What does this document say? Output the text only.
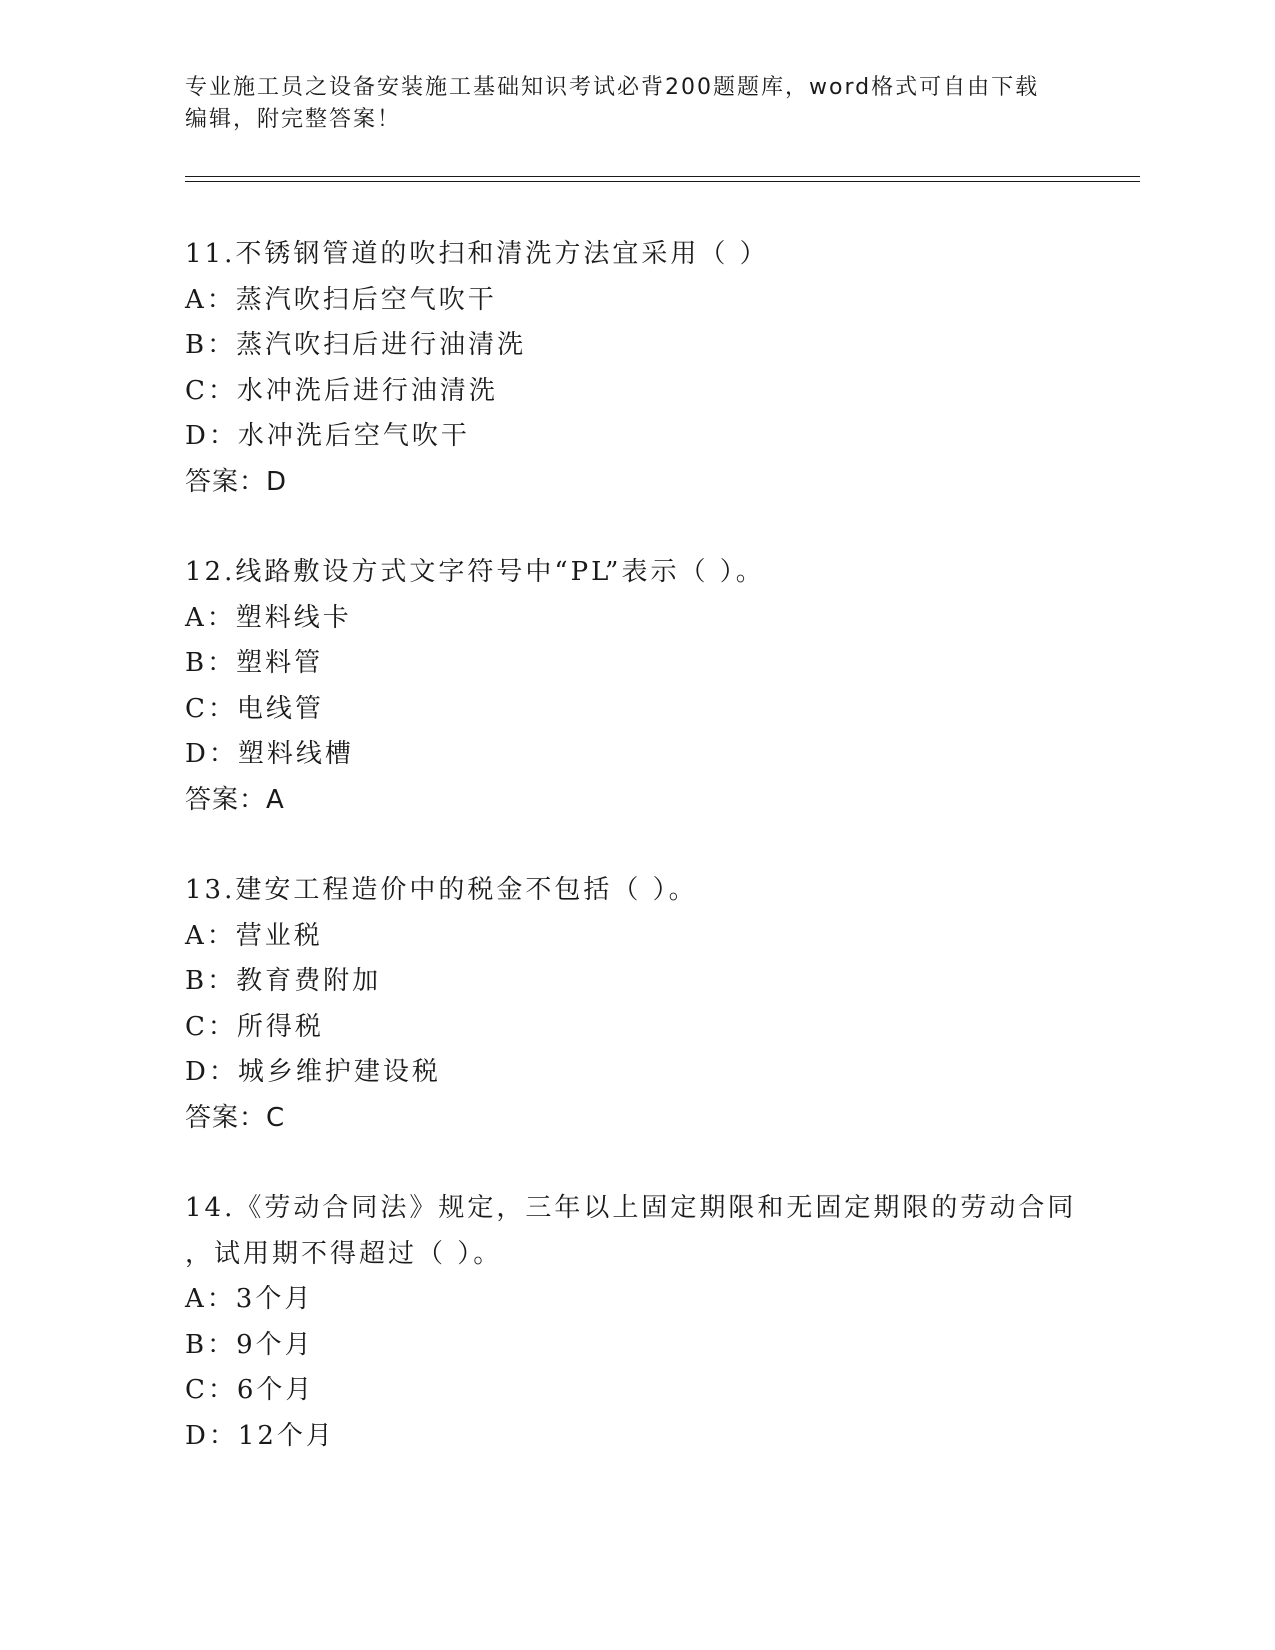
专业施工员之设备安装施工基础知识考试必背200题题库，word格式可自由下载
编辑，附完整答案！
11.不锈钢管道的吹扫和清洗方法宜采用（ ）
A：蒸汽吹扫后空气吹干
B：蒸汽吹扫后进行油清洗
C：水冲洗后进行油清洗
D：水冲洗后空气吹干
答案：D
12.线路敷设方式文字符号中“PL”表示（ ）。
A：塑料线卡
B：塑料管
C：电线管
D：塑料线槽
答案：A
13.建安工程造价中的税金不包括（ ）。
A：营业税
B：教育费附加
C：所得税
D：城乡维护建设税
答案：C
14.《劳动合同法》规定，三年以上固定期限和无固定期限的劳动合同
，试用期不得超过（ ）。
A：3个月
B：9个月
C：6个月
D：12个月
